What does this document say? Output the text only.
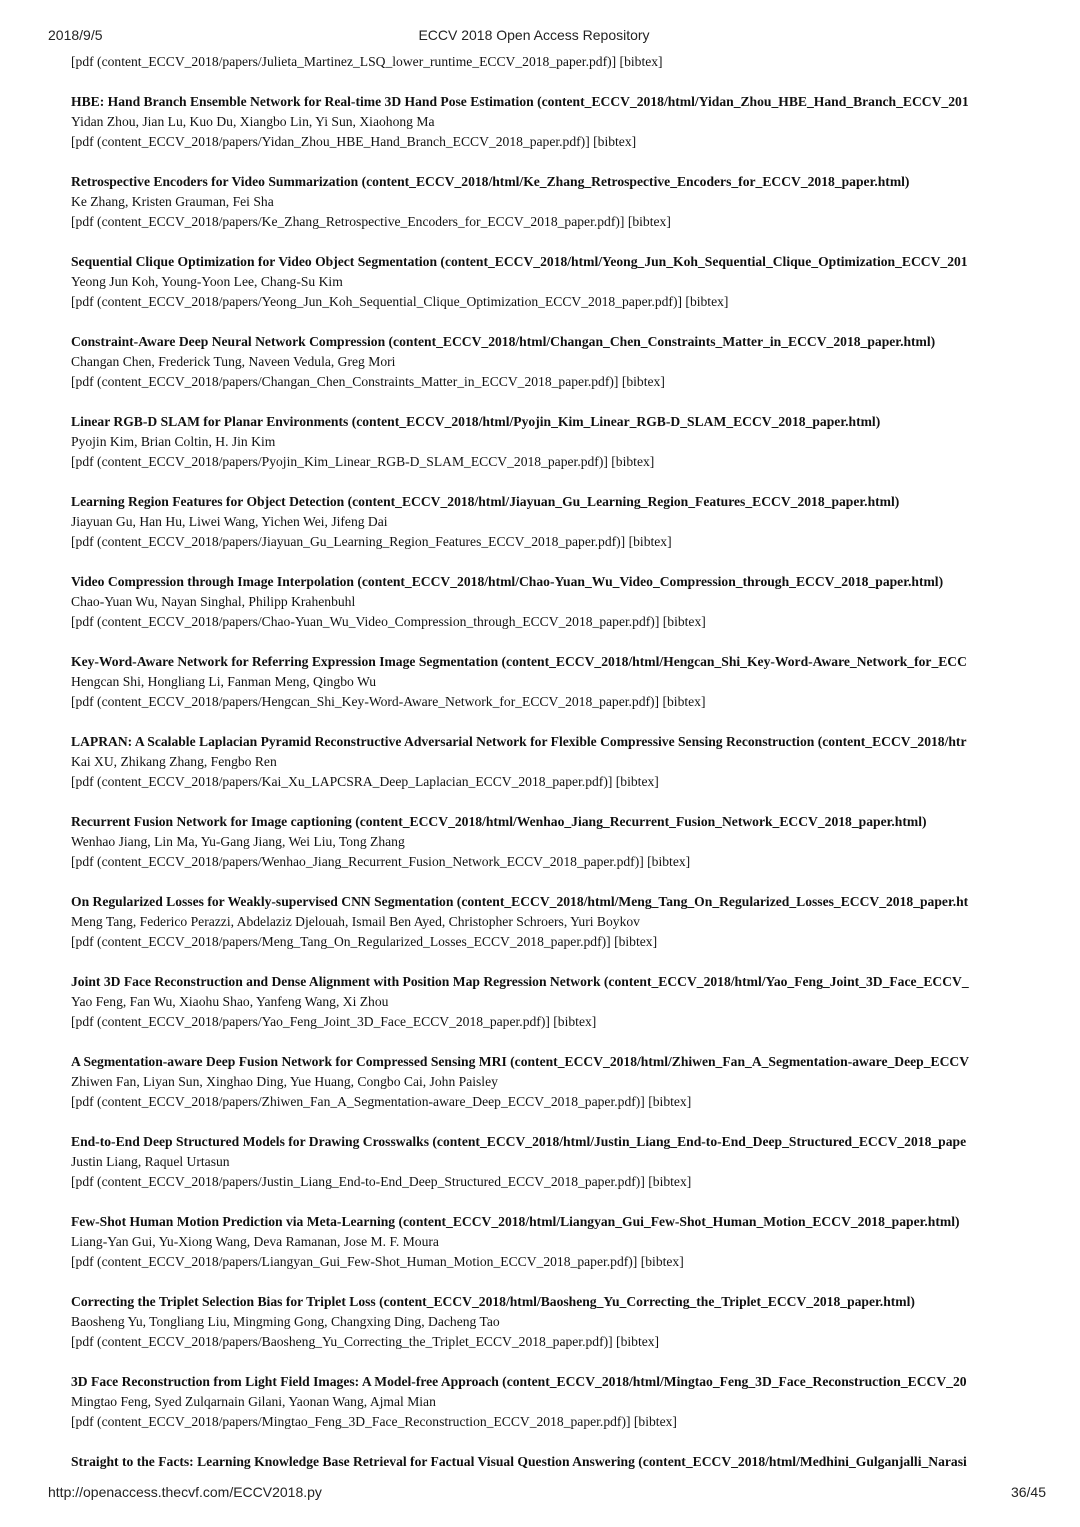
2018/9/5	ECCV 2018 Open Access Repository
[pdf (content_ECCV_2018/papers/Julieta_Martinez_LSQ_lower_runtime_ECCV_2018_paper.pdf)] [bibtex]
HBE: Hand Branch Ensemble Network for Real-time 3D Hand Pose Estimation (content_ECCV_2018/html/Yidan_Zhou_HBE_Hand_Branch_ECCV_201
Yidan Zhou, Jian Lu, Kuo Du, Xiangbo Lin, Yi Sun, Xiaohong Ma
[pdf (content_ECCV_2018/papers/Yidan_Zhou_HBE_Hand_Branch_ECCV_2018_paper.pdf)] [bibtex]
Retrospective Encoders for Video Summarization (content_ECCV_2018/html/Ke_Zhang_Retrospective_Encoders_for_ECCV_2018_paper.html)
Ke Zhang, Kristen Grauman, Fei Sha
[pdf (content_ECCV_2018/papers/Ke_Zhang_Retrospective_Encoders_for_ECCV_2018_paper.pdf)] [bibtex]
Sequential Clique Optimization for Video Object Segmentation (content_ECCV_2018/html/Yeong_Jun_Koh_Sequential_Clique_Optimization_ECCV_201
Yeong Jun Koh, Young-Yoon Lee, Chang-Su Kim
[pdf (content_ECCV_2018/papers/Yeong_Jun_Koh_Sequential_Clique_Optimization_ECCV_2018_paper.pdf)] [bibtex]
Constraint-Aware Deep Neural Network Compression (content_ECCV_2018/html/Changan_Chen_Constraints_Matter_in_ECCV_2018_paper.html)
Changan Chen, Frederick Tung, Naveen Vedula, Greg Mori
[pdf (content_ECCV_2018/papers/Changan_Chen_Constraints_Matter_in_ECCV_2018_paper.pdf)] [bibtex]
Linear RGB-D SLAM for Planar Environments (content_ECCV_2018/html/Pyojin_Kim_Linear_RGB-D_SLAM_ECCV_2018_paper.html)
Pyojin Kim, Brian Coltin, H. Jin Kim
[pdf (content_ECCV_2018/papers/Pyojin_Kim_Linear_RGB-D_SLAM_ECCV_2018_paper.pdf)] [bibtex]
Learning Region Features for Object Detection (content_ECCV_2018/html/Jiayuan_Gu_Learning_Region_Features_ECCV_2018_paper.html)
Jiayuan Gu, Han Hu, Liwei Wang, Yichen Wei, Jifeng Dai
[pdf (content_ECCV_2018/papers/Jiayuan_Gu_Learning_Region_Features_ECCV_2018_paper.pdf)] [bibtex]
Video Compression through Image Interpolation (content_ECCV_2018/html/Chao-Yuan_Wu_Video_Compression_through_ECCV_2018_paper.html)
Chao-Yuan Wu, Nayan Singhal, Philipp Krahenbuhl
[pdf (content_ECCV_2018/papers/Chao-Yuan_Wu_Video_Compression_through_ECCV_2018_paper.pdf)] [bibtex]
Key-Word-Aware Network for Referring Expression Image Segmentation (content_ECCV_2018/html/Hengcan_Shi_Key-Word-Aware_Network_for_ECC
Hengcan Shi, Hongliang Li, Fanman Meng, Qingbo Wu
[pdf (content_ECCV_2018/papers/Hengcan_Shi_Key-Word-Aware_Network_for_ECCV_2018_paper.pdf)] [bibtex]
LAPRAN: A Scalable Laplacian Pyramid Reconstructive Adversarial Network for Flexible Compressive Sensing Reconstruction (content_ECCV_2018/htr
Kai XU, Zhikang Zhang, Fengbo Ren
[pdf (content_ECCV_2018/papers/Kai_Xu_LAPCSRA_Deep_Laplacian_ECCV_2018_paper.pdf)] [bibtex]
Recurrent Fusion Network for Image captioning (content_ECCV_2018/html/Wenhao_Jiang_Recurrent_Fusion_Network_ECCV_2018_paper.html)
Wenhao Jiang, Lin Ma, Yu-Gang Jiang, Wei Liu, Tong Zhang
[pdf (content_ECCV_2018/papers/Wenhao_Jiang_Recurrent_Fusion_Network_ECCV_2018_paper.pdf)] [bibtex]
On Regularized Losses for Weakly-supervised CNN Segmentation (content_ECCV_2018/html/Meng_Tang_On_Regularized_Losses_ECCV_2018_paper.ht
Meng Tang, Federico Perazzi, Abdelaziz Djelouah, Ismail Ben Ayed, Christopher Schroers, Yuri Boykov
[pdf (content_ECCV_2018/papers/Meng_Tang_On_Regularized_Losses_ECCV_2018_paper.pdf)] [bibtex]
Joint 3D Face Reconstruction and Dense Alignment with Position Map Regression Network (content_ECCV_2018/html/Yao_Feng_Joint_3D_Face_ECCV_
Yao Feng, Fan Wu, Xiaohu Shao, Yanfeng Wang, Xi Zhou
[pdf (content_ECCV_2018/papers/Yao_Feng_Joint_3D_Face_ECCV_2018_paper.pdf)] [bibtex]
A Segmentation-aware Deep Fusion Network for Compressed Sensing MRI (content_ECCV_2018/html/Zhiwen_Fan_A_Segmentation-aware_Deep_ECCV
Zhiwen Fan, Liyan Sun, Xinghao Ding, Yue Huang, Congbo Cai, John Paisley
[pdf (content_ECCV_2018/papers/Zhiwen_Fan_A_Segmentation-aware_Deep_ECCV_2018_paper.pdf)] [bibtex]
End-to-End Deep Structured Models for Drawing Crosswalks (content_ECCV_2018/html/Justin_Liang_End-to-End_Deep_Structured_ECCV_2018_pape
Justin Liang, Raquel Urtasun
[pdf (content_ECCV_2018/papers/Justin_Liang_End-to-End_Deep_Structured_ECCV_2018_paper.pdf)] [bibtex]
Few-Shot Human Motion Prediction via Meta-Learning (content_ECCV_2018/html/Liangyan_Gui_Few-Shot_Human_Motion_ECCV_2018_paper.html)
Liang-Yan Gui, Yu-Xiong Wang, Deva Ramanan, Jose M. F. Moura
[pdf (content_ECCV_2018/papers/Liangyan_Gui_Few-Shot_Human_Motion_ECCV_2018_paper.pdf)] [bibtex]
Correcting the Triplet Selection Bias for Triplet Loss (content_ECCV_2018/html/Baosheng_Yu_Correcting_the_Triplet_ECCV_2018_paper.html)
Baosheng Yu, Tongliang Liu, Mingming Gong, Changxing Ding, Dacheng Tao
[pdf (content_ECCV_2018/papers/Baosheng_Yu_Correcting_the_Triplet_ECCV_2018_paper.pdf)] [bibtex]
3D Face Reconstruction from Light Field Images: A Model-free Approach (content_ECCV_2018/html/Mingtao_Feng_3D_Face_Reconstruction_ECCV_20
Mingtao Feng, Syed Zulqarnain Gilani, Yaonan Wang, Ajmal Mian
[pdf (content_ECCV_2018/papers/Mingtao_Feng_3D_Face_Reconstruction_ECCV_2018_paper.pdf)] [bibtex]
Straight to the Facts: Learning Knowledge Base Retrieval for Factual Visual Question Answering (content_ECCV_2018/html/Medhini_Gulganjalli_Narasi
http://openaccess.thecvf.com/ECCV2018.py	36/45
